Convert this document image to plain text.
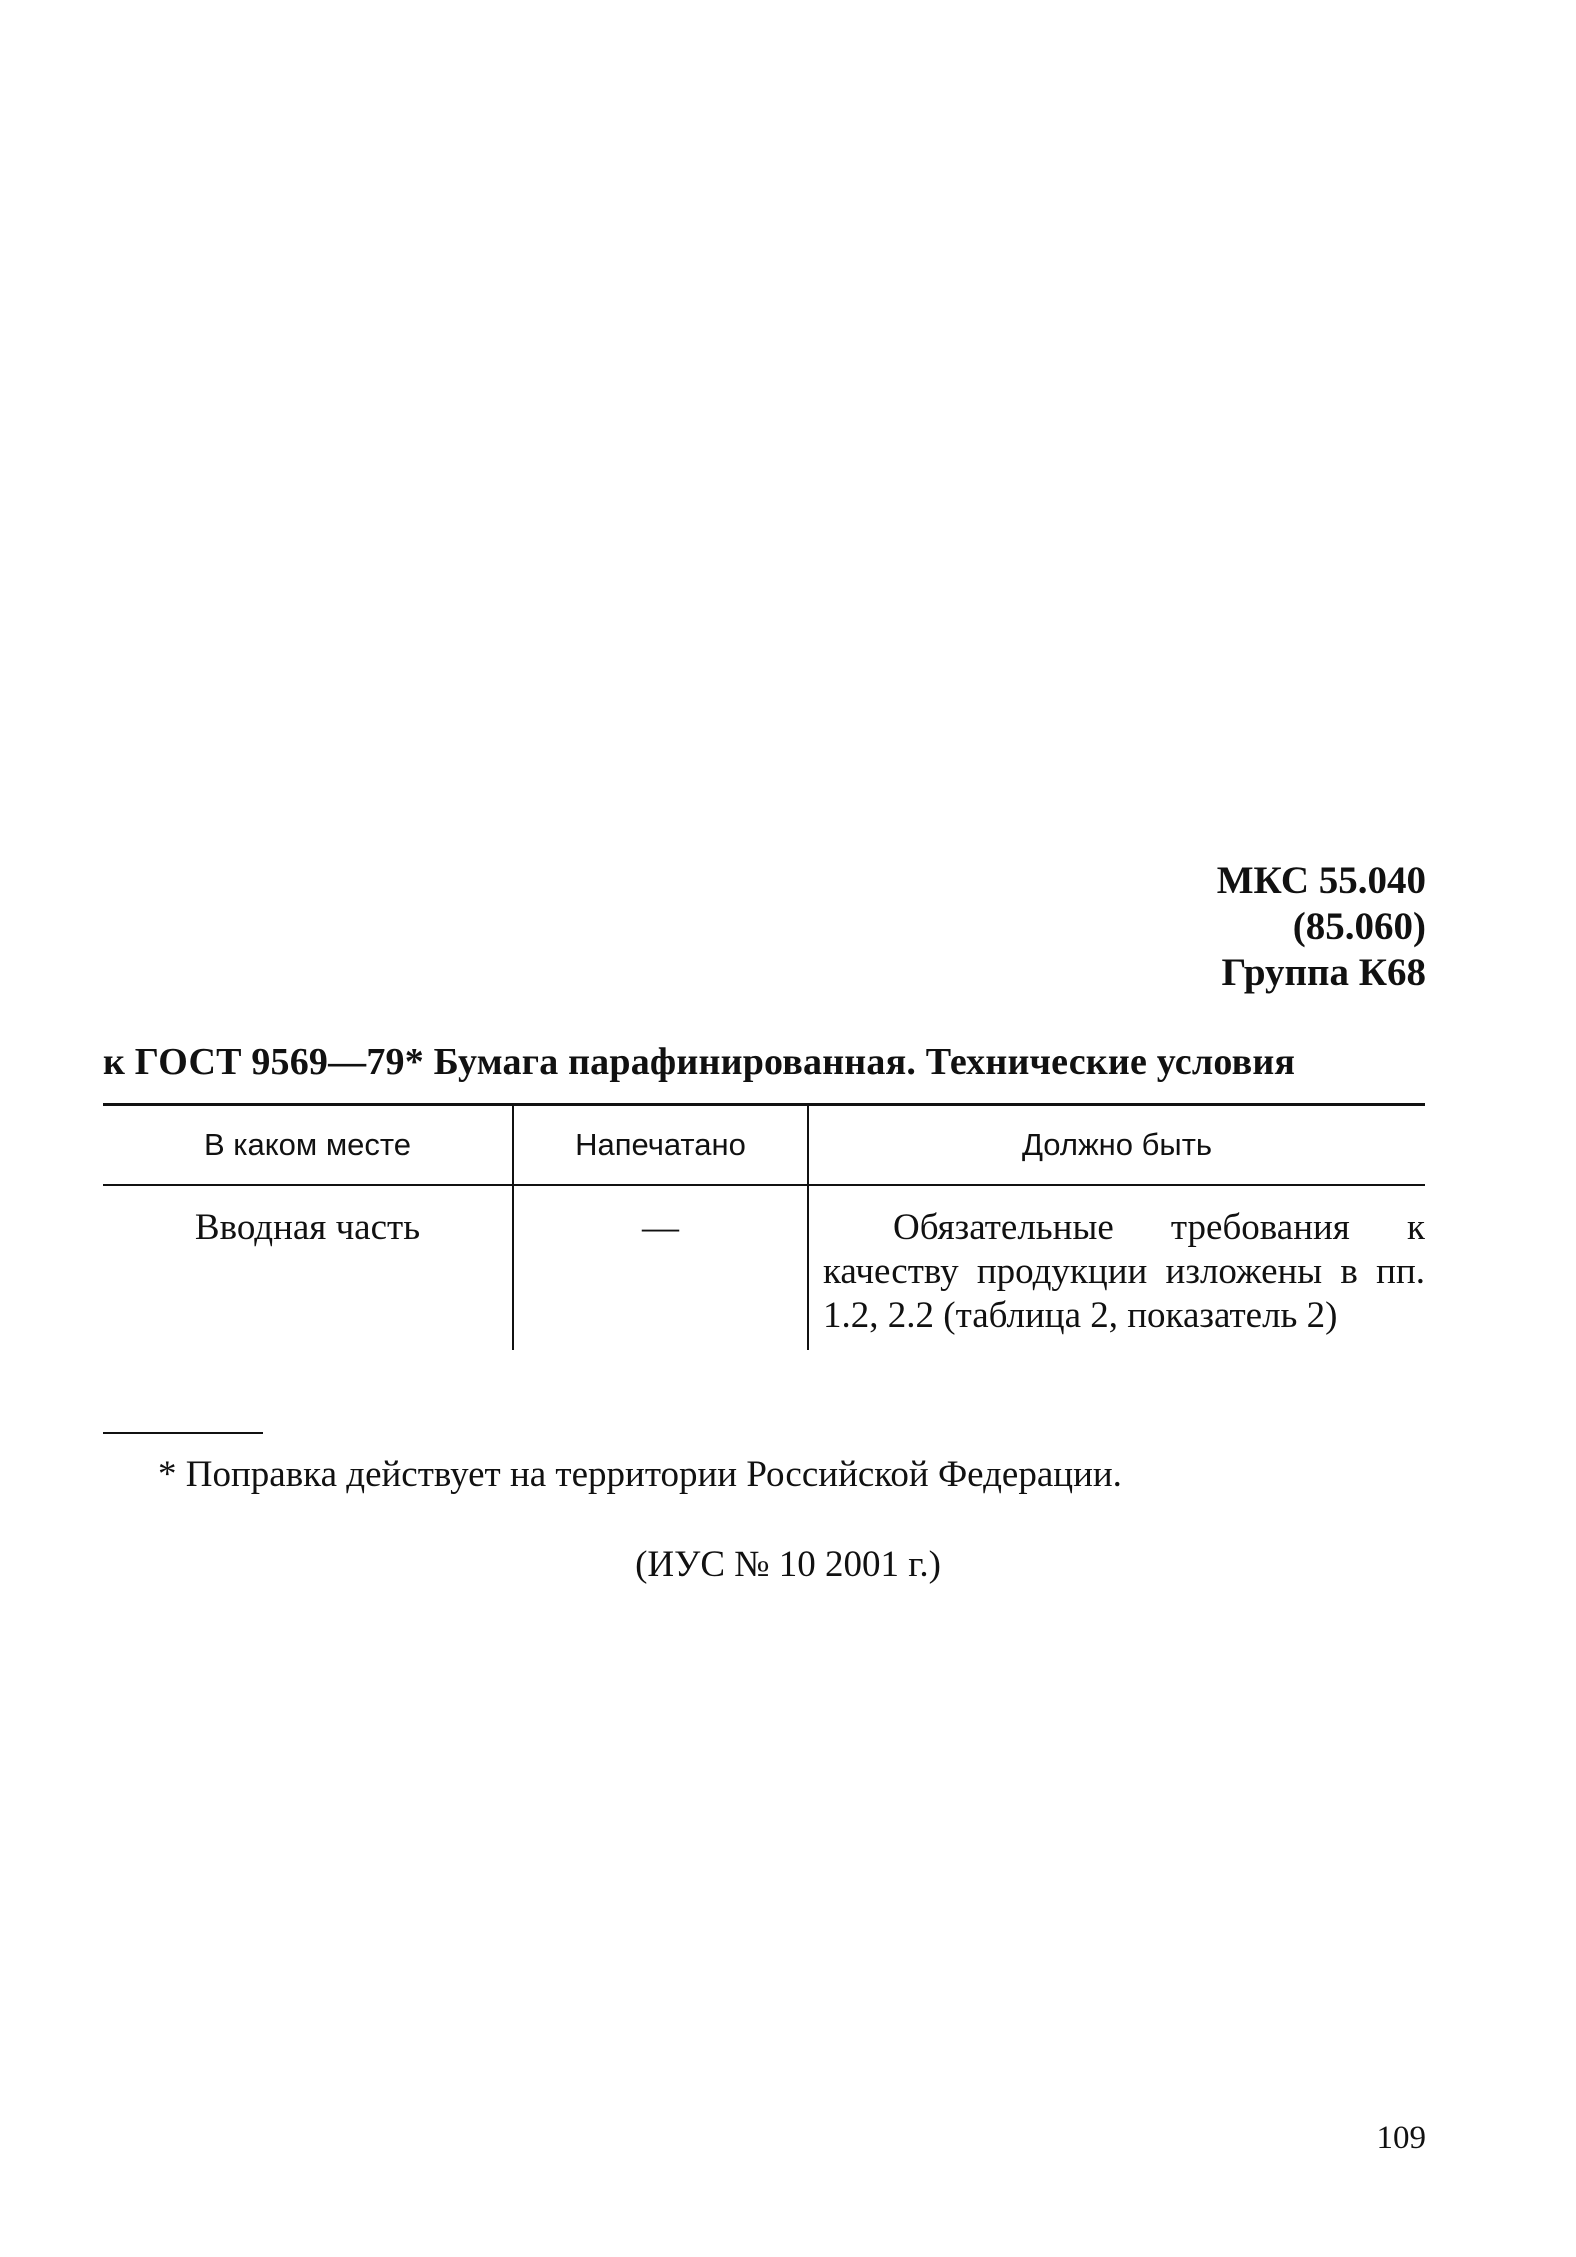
МКС 55.040
(85.060)
Группа К68
к ГОСТ 9569—79* Бумага парафинированная. Технические условия
В каком месте	Напечатано	Должно быть
Вводная часть	—	Обязательные требования к качеству продукции изложены в пп. 1.2, 2.2 (таблица 2, показатель 2)
* Поправка действует на территории Российской Федерации.
(ИУС № 10 2001 г.)
109
